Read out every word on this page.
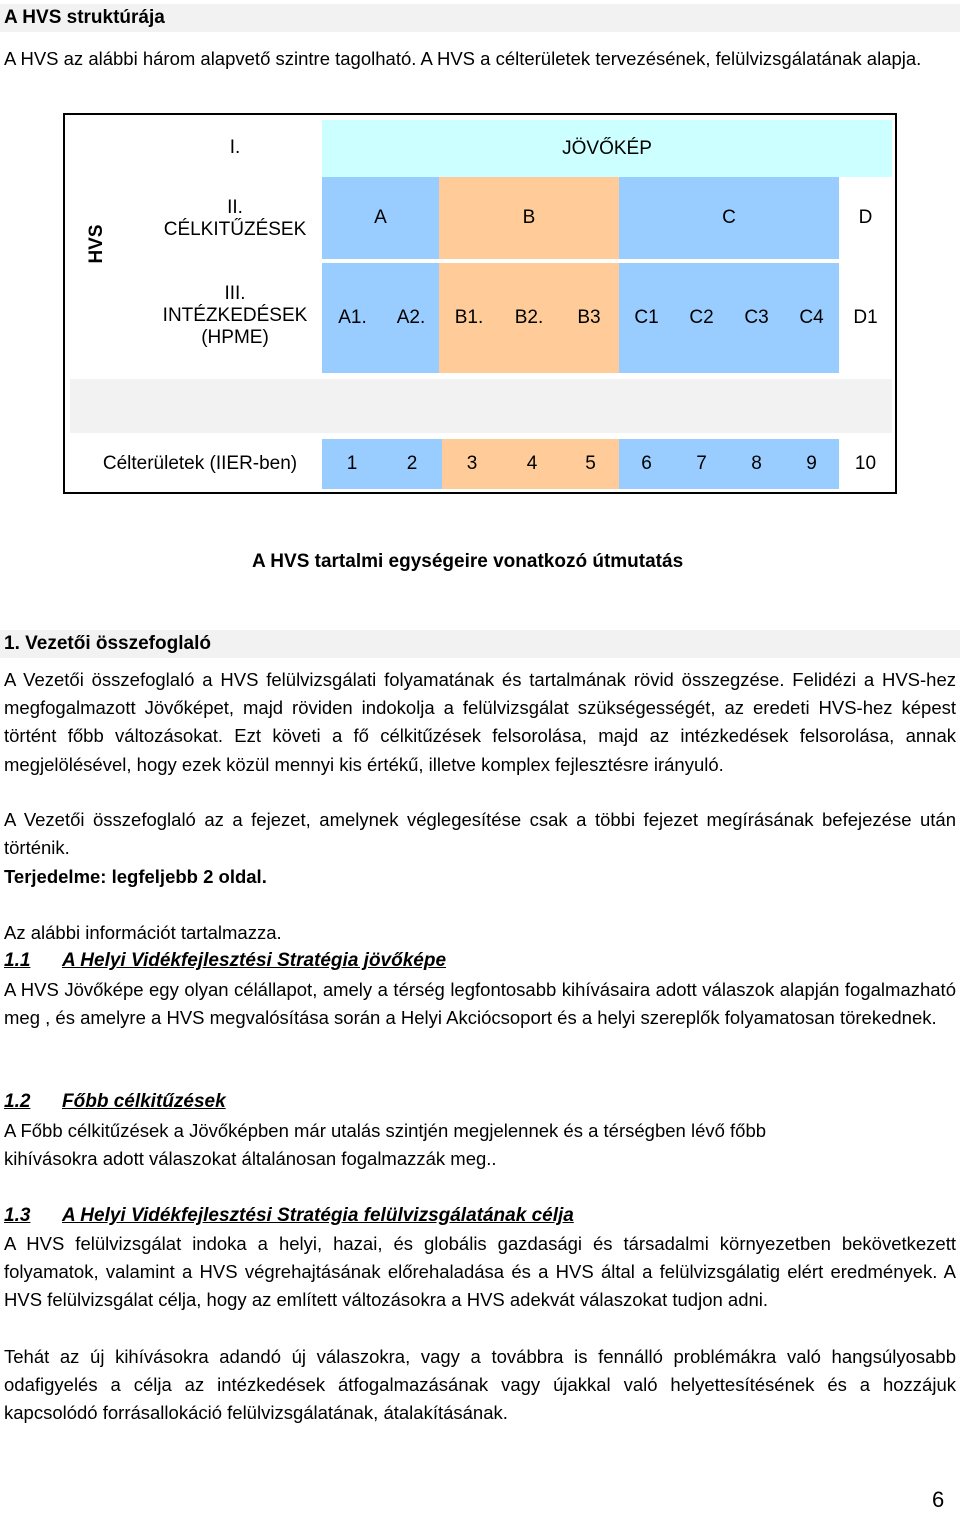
A HVS struktúrája
A HVS az alábbi három alapvető szintre tagolható. A HVS a célterületek tervezésének, felülvizsgálatának alapja.
I.	JÖVŐKÉP
II.
CÉLKITŰZÉSEK
A	B	C	D
III.
INTÉZKEDÉSEK
(HPME)
A1.	A2.	B1.	B2.	B3	C1	C2	C3	C4	D1
Célterületek (IIER-ben)	1	2	3	4	5	6	7	8	9	10
HVS
A HVS tartalmi egységeire vonatkozó útmutatás
1. Vezetői összefoglaló
A Vezetői összefoglaló a HVS felülvizsgálati folyamatának és tartalmának rövid összegzése. Felidézi a HVS-hez megfogalmazott Jövőképet, majd röviden indokolja a felülvizsgálat szükségességét, az eredeti HVS-hez képest történt főbb változásokat. Ezt követi a fő célkitűzések felsorolása, majd az intézkedések felsorolása, annak megjelölésével, hogy ezek közül mennyi kis értékű, illetve komplex fejlesztésre irányuló.
A Vezetői összefoglaló az a fejezet, amelynek véglegesítése csak a többi fejezet megírásának befejezése után történik.
Terjedelme: legfeljebb 2 oldal.
Az alábbi információt tartalmazza.
1.1 A Helyi Vidékfejlesztési Stratégia jövőképe
A HVS Jövőképe egy olyan célállapot, amely a térség legfontosabb kihívásaira adott válaszok alapján fogalmazható meg , és amelyre a HVS megvalósítása során a Helyi Akciócsoport és a helyi szereplők folyamatosan törekednek.
1.2 Főbb célkitűzések
A Főbb célkitűzések a Jövőképben már utalás szintjén megjelennek és a térségben lévő főbb
kihívásokra adott válaszokat általánosan fogalmazzák meg..
1.3 A Helyi Vidékfejlesztési Stratégia felülvizsgálatának célja
A HVS felülvizsgálat indoka a helyi, hazai, és globális gazdasági és társadalmi környezetben bekövetkezett folyamatok, valamint a HVS végrehajtásának előrehaladása és a HVS által a felülvizsgálatig elért eredmények. A HVS felülvizsgálat célja, hogy az említett változásokra a HVS adekvát válaszokat tudjon adni.
Tehát az új kihívásokra adandó új válaszokra, vagy a továbbra is fennálló problémákra való hangsúlyosabb odafigyelés a célja az intézkedések átfogalmazásának vagy újakkal való helyettesítésének és a hozzájuk kapcsolódó forrásallokáció felülvizsgálatának, átalakításának.
6
